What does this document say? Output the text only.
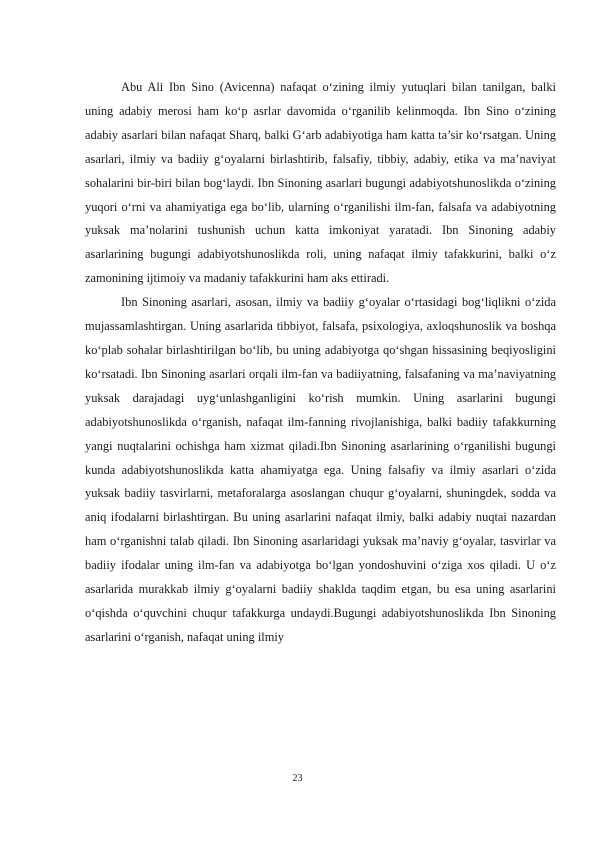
Abu Ali Ibn Sino (Avicenna) nafaqat o‘zining ilmiy yutuqlari bilan tanilgan, balki uning adabiy merosi ham ko‘p asrlar davomida o‘rganilib kelinmoqda. Ibn Sino o‘zining adabiy asarlari bilan nafaqat Sharq, balki G‘arb adabiyotiga ham katta ta’sir ko‘rsatgan. Uning asarlari, ilmiy va badiiy g‘oyalarni birlashtirib, falsafiy, tibbiy, adabiy, etika va ma’naviyat sohalarini bir-biri bilan bog‘laydi. Ibn Sinoning asarlari bugungi adabiyotshunoslikda o‘zining yuqori o‘rni va ahamiyatiga ega bo‘lib, ularning o‘rganilishi ilm-fan, falsafa va adabiyotning yuksak ma’nolarini tushunish uchun katta imkoniyat yaratadi. Ibn Sinoning adabiy asarlarining bugungi adabiyotshunoslikda roli, uning nafaqat ilmiy tafakkurini, balki o‘z zamonining ijtimoiy va madaniy tafakkurini ham aks ettiradi.

Ibn Sinoning asarlari, asosan, ilmiy va badiiy g‘oyalar o‘rtasidagi bog‘liqlikni o‘zida mujassamlashtirgan. Uning asarlarida tibbiyot, falsafa, psixologiya, axloqshunoslik va boshqa ko‘plab sohalar birlashtirilgan bo‘lib, bu uning adabiyotga qo‘shgan hissasining beqiyosligini ko‘rsatadi. Ibn Sinoning asarlari orqali ilm-fan va badiiyatning, falsafaning va ma’naviyatning yuksak darajadagi uyg‘unlashganligini ko‘rish mumkin. Uning asarlarini bugungi adabiyotshunoslikda o‘rganish, nafaqat ilm-fanning rivojlanishiga, balki badiiy tafakkurning yangi nuqtalarini ochishga ham xizmat qiladi.Ibn Sinoning asarlarining o‘rganilishi bugungi kunda adabiyotshunoslikda katta ahamiyatga ega. Uning falsafiy va ilmiy asarlari o‘zida yuksak badiiy tasvirlarni, metaforalarga asoslangan chuqur g‘oyalarni, shuningdek, sodda va aniq ifodalarni birlashtirgan. Bu uning asarlarini nafaqat ilmiy, balki adabiy nuqtai nazardan ham o‘rganishni talab qiladi. Ibn Sinoning asarlaridagi yuksak ma’naviy g‘oyalar, tasvirlar va badiiy ifodalar uning ilm-fan va adabiyotga bo‘lgan yondoshuvini o‘ziga xos qiladi. U o‘z asarlarida murakkab ilmiy g‘oyalarni badiiy shaklda taqdim etgan, bu esa uning asarlarini o‘qishda o‘quvchini chuqur tafakkurga undaydi.Bugungi adabiyotshunoslikda Ibn Sinoning asarlarini o‘rganish, nafaqat uning ilmiy

23
